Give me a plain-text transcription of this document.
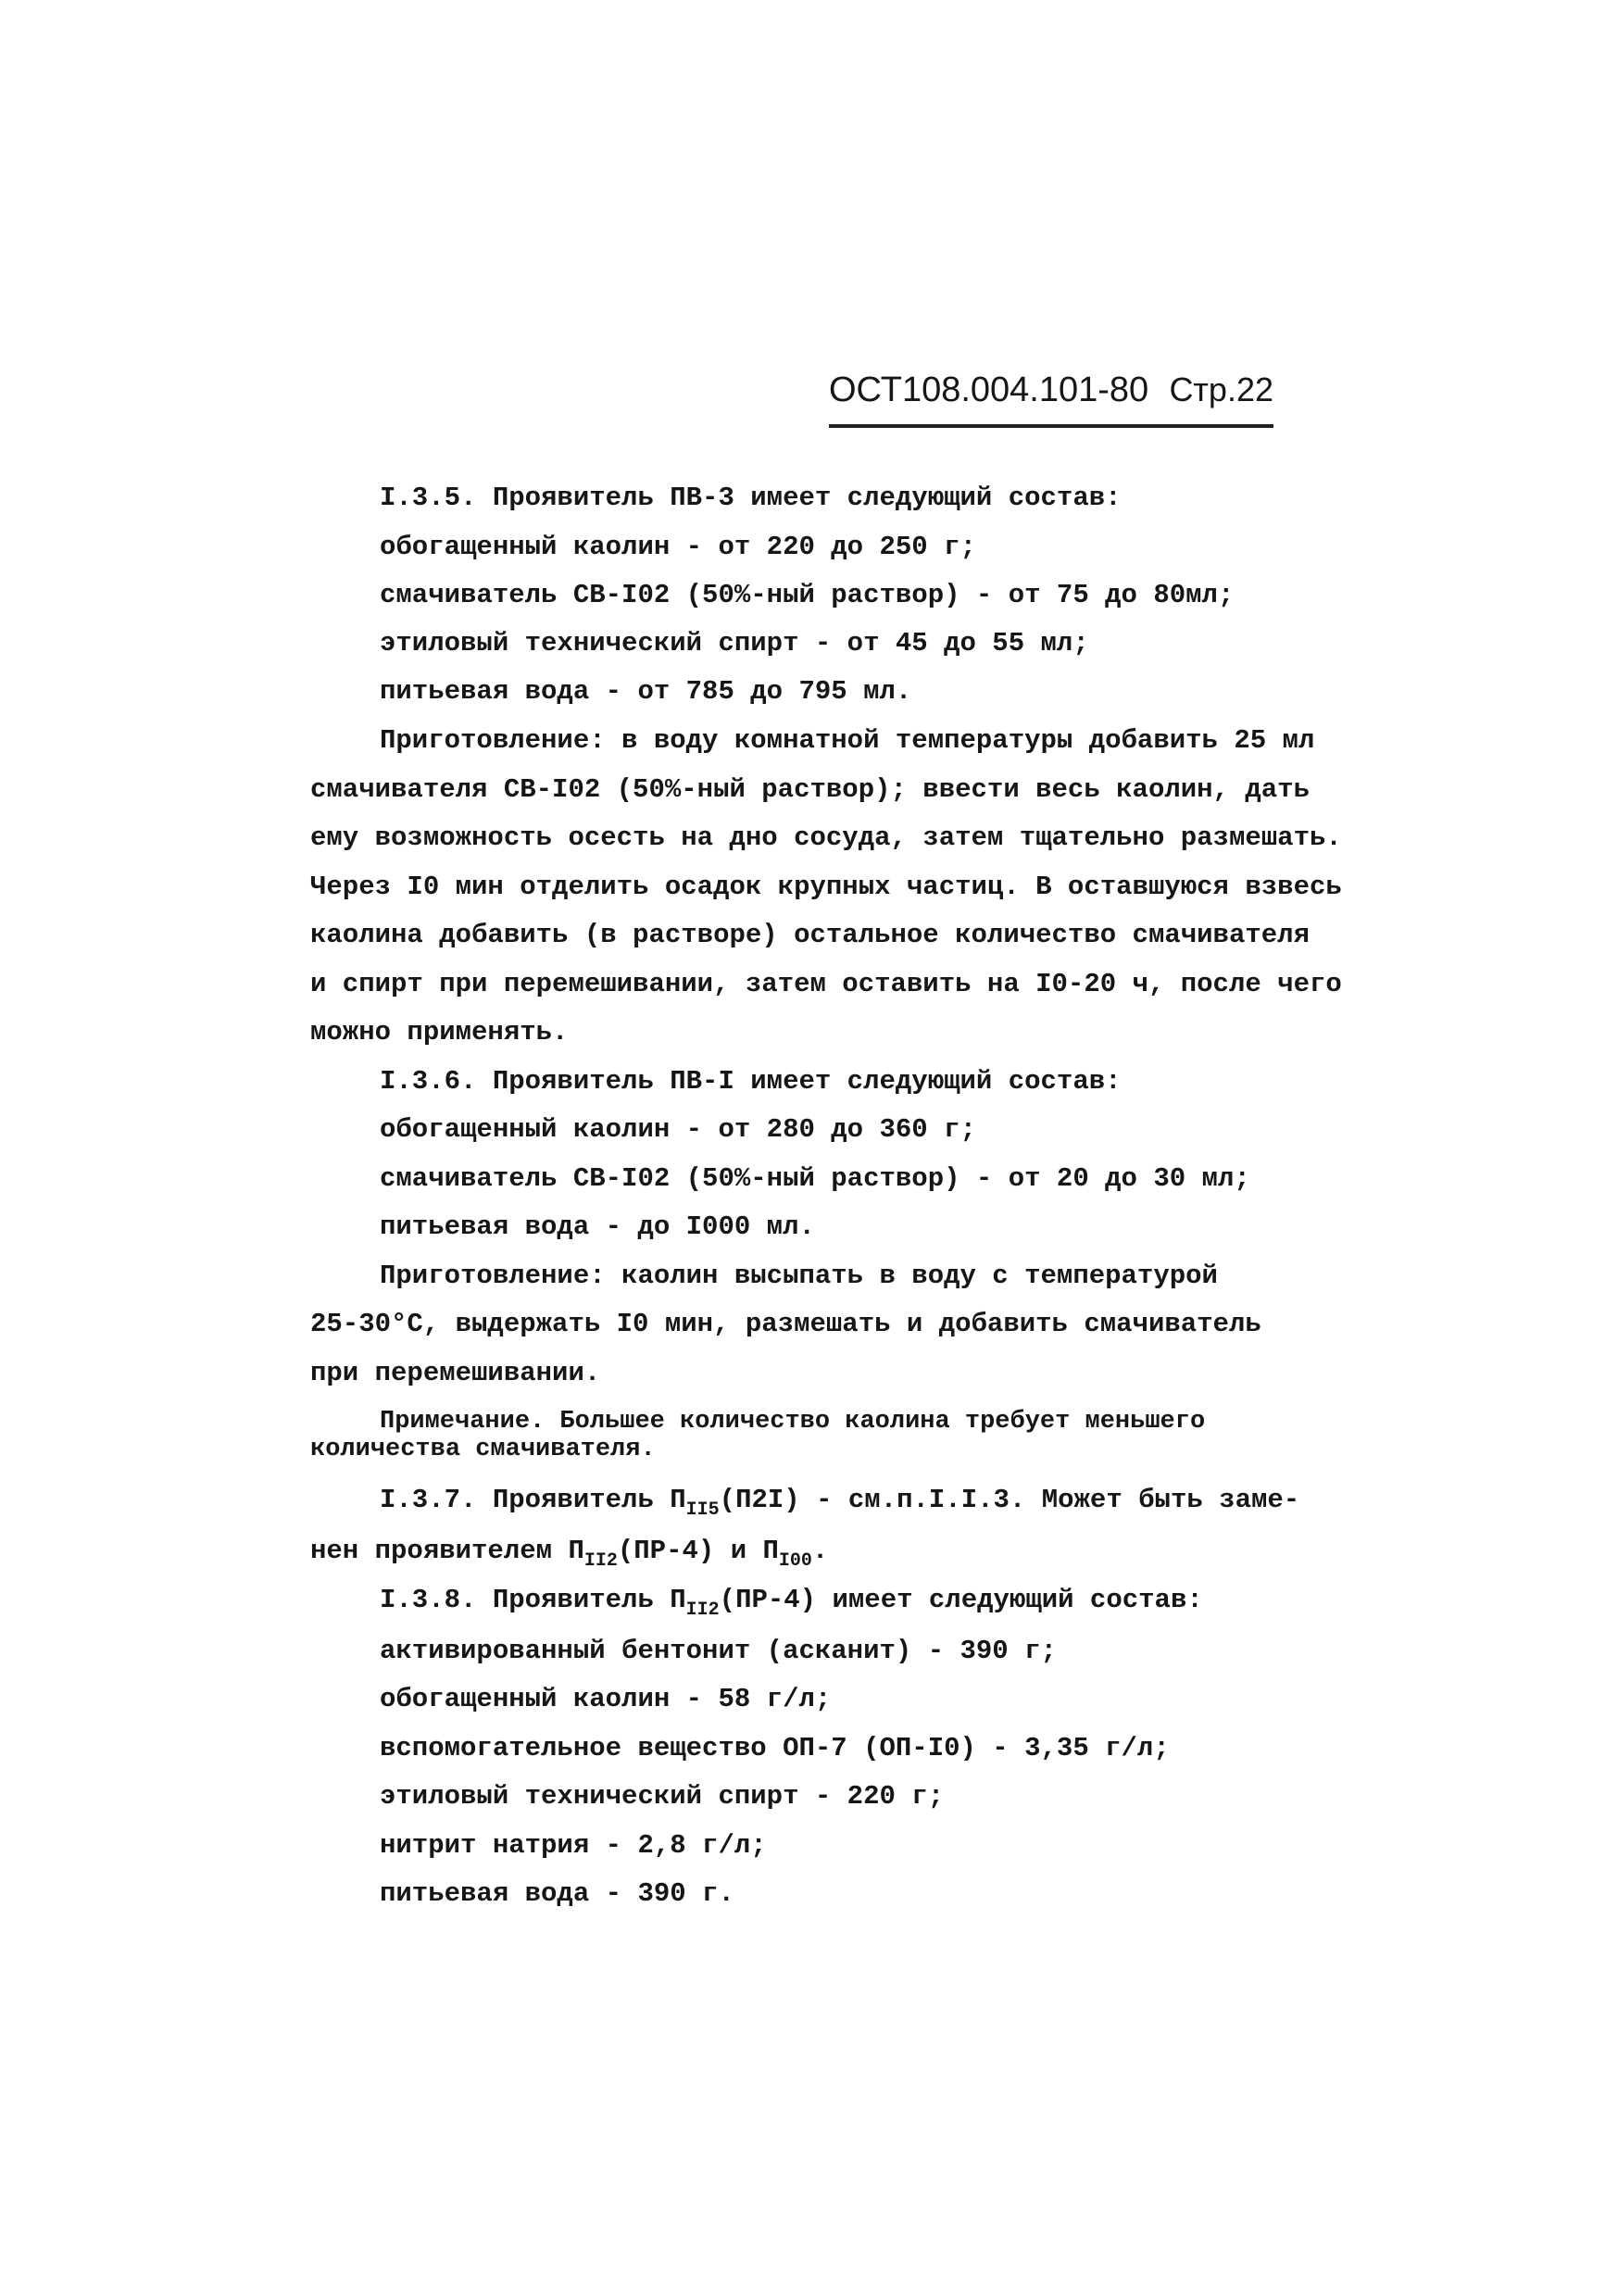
ОСТ108.004.101-80 Стр.22
I.3.5. Проявитель ПВ-3 имеет следующий состав:
обогащенный каолин - от 220 до 250 г;
смачиватель СВ-I02 (50%-ный раствор) - от 75 до 80мл;
этиловый технический спирт - от 45 до 55 мл;
питьевая вода - от 785 до 795 мл.
Приготовление: в воду комнатной температуры добавить 25 мл
смачивателя СВ-I02 (50%-ный раствор); ввести весь каолин, дать
ему возможность осесть на дно сосуда, затем тщательно размешать.
Через I0 мин отделить осадок крупных частиц. В оставшуюся взвесь
каолина добавить (в растворе) остальное количество смачивателя
и спирт при перемешивании, затем оставить на I0-20 ч, после чего
можно применять.
I.3.6. Проявитель ПВ-I имеет следующий состав:
обогащенный каолин - от 280 до 360 г;
смачиватель СВ-I02 (50%-ный раствор) - от 20 до 30 мл;
питьевая вода - до I000 мл.
Приготовление: каолин высыпать в воду с температурой
25-30°С, выдержать I0 мин, размешать и добавить смачиватель
при перемешивании.
Примечание. Большее количество каолина требует меньшего
количества смачивателя.
I.3.7. Проявитель $П_{II5}(П2I) - см.п.I.I.3$. Может быть заме-
нен проявителем $П_{II2}(ПР-4)$ и $П_{I00}$.
I.3.8. Проявитель $П_{II2}(ПР-4)$ имеет следующий состав:
активированный бентонит (асканит) - 390 г;
обогащенный каолин - 58 г/л;
вспомогательное вещество ОП-7 (ОП-I0) - 3,35 г/л;
этиловый технический спирт - 220 г;
нитрит натрия - 2,8 г/л;
питьевая вода - 390 г.
